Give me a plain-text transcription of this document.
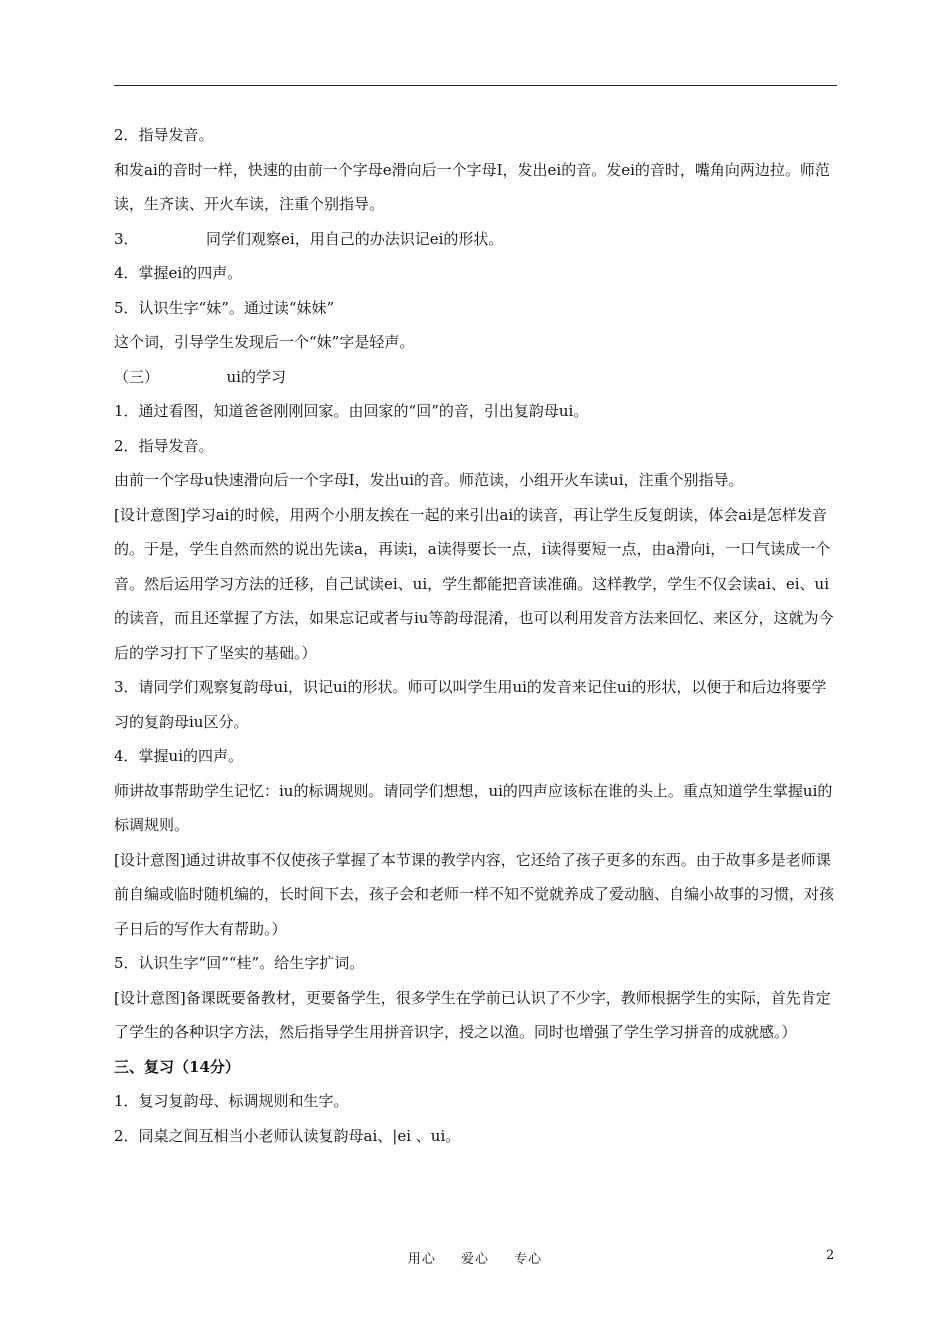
2．指导发音。

和发ai的音时一样，快速的由前一个字母e滑向后一个字母I，发出ei的音。发ei的音时，嘴角向两边拉。师范读，生齐读、开火车读，注重个别指导。

3．　　　　　同学们观察ei，用自己的办法识记ei的形状。

4．掌握ei的四声。

5．认识生字“妹”。通过读“妹妹”

这个词，引导学生发现后一个“妹”字是轻声。

（三）　　　　　ui的学习

1．通过看图，知道爸爸刚刚回家。由回家的“回”的音，引出复韵母ui。

2．指导发音。

由前一个字母u快速滑向后一个字母I，发出ui的音。师范读，小组开火车读ui，注重个别指导。

[设计意图]学习ai的时候，用两个小朋友挨在一起的来引出ai的读音，再让学生反复朗读，体会ai是怎样发音的。于是，学生自然而然的说出先读a，再读i，a读得要长一点，i读得要短一点，由a滑向i，一口气读成一个音。然后运用学习方法的迁移，自己试读ei、ui，学生都能把音读准确。这样教学，学生不仅会读ai、ei、ui的读音，而且还掌握了方法，如果忘记或者与iu等韵母混淆，也可以利用发音方法来回忆、来区分，这就为今后的学习打下了坚实的基础。）

3．请同学们观察复韵母ui，识记ui的形状。师可以叫学生用ui的发音来记住ui的形状，以便于和后边将要学习的复韵母iu区分。

4．掌握ui的四声。

师讲故事帮助学生记忆：iu的标调规则。请同学们想想，ui的四声应该标在谁的头上。重点知道学生掌握ui的标调规则。

[设计意图]通过讲故事不仅使孩子掌握了本节课的教学内容，它还给了孩子更多的东西。由于故事多是老师课前自编或临时随机编的，长时间下去，孩子会和老师一样不知不觉就养成了爱动脑、自编小故事的习惯，对孩子日后的写作大有帮助。）

5．认识生字“回”“桂”。给生字扩词。

[设计意图]备课既要备教材，更要备学生，很多学生在学前已认识了不少字，教师根据学生的实际，首先肯定了学生的各种识字方法，然后指导学生用拼音识字，授之以渔。同时也增强了学生学习拼音的成就感。）

三、复习（14分）

1．复习复韵母、标调规则和生字。

2．同桌之间互相当小老师认读复韵母ai、|ei 、ui。

用心 爱心 专心	2
